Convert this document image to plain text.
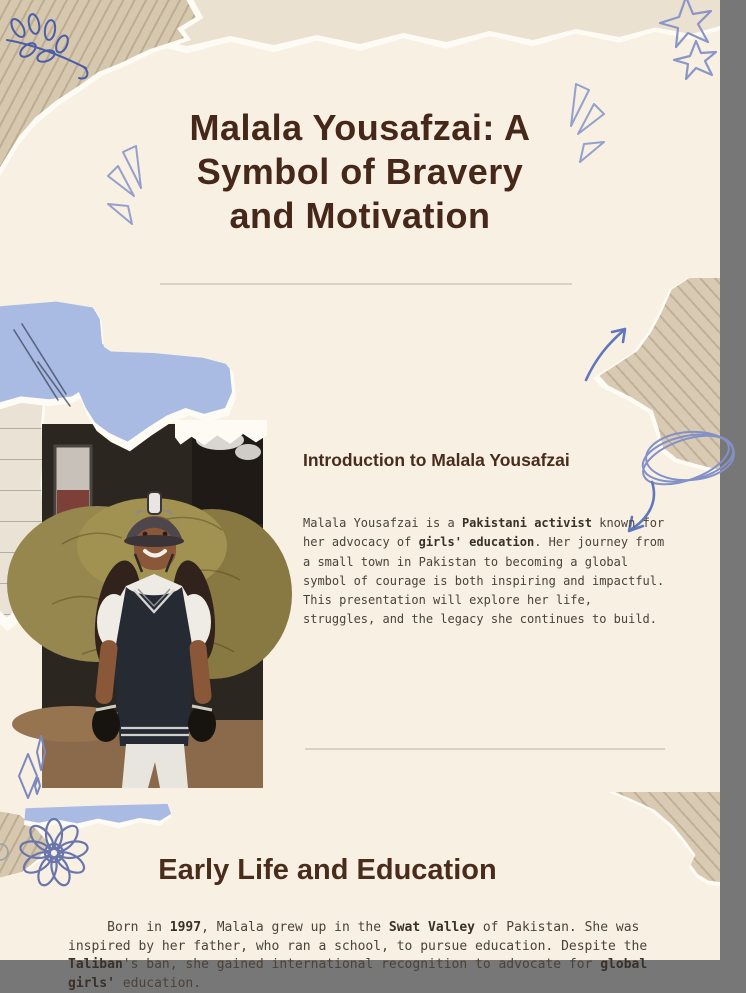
Malala Yousafzai: A
Symbol of Bravery
and Motivation
Introduction to Malala Yousafzai
Malala Yousafzai is a Pakistani activist known for her advocacy of girls' education. Her journey from a small town in Pakistan to becoming a global symbol of courage is both inspiring and impactful. This presentation will explore her life, struggles, and the legacy she continues to build.
Early Life and Education
Born in 1997, Malala grew up in the Swat Valley of Pakistan. She was inspired by her father, who ran a school, to pursue education. Despite the Taliban's ban, she gained international recognition to advocate for global girls' education.
